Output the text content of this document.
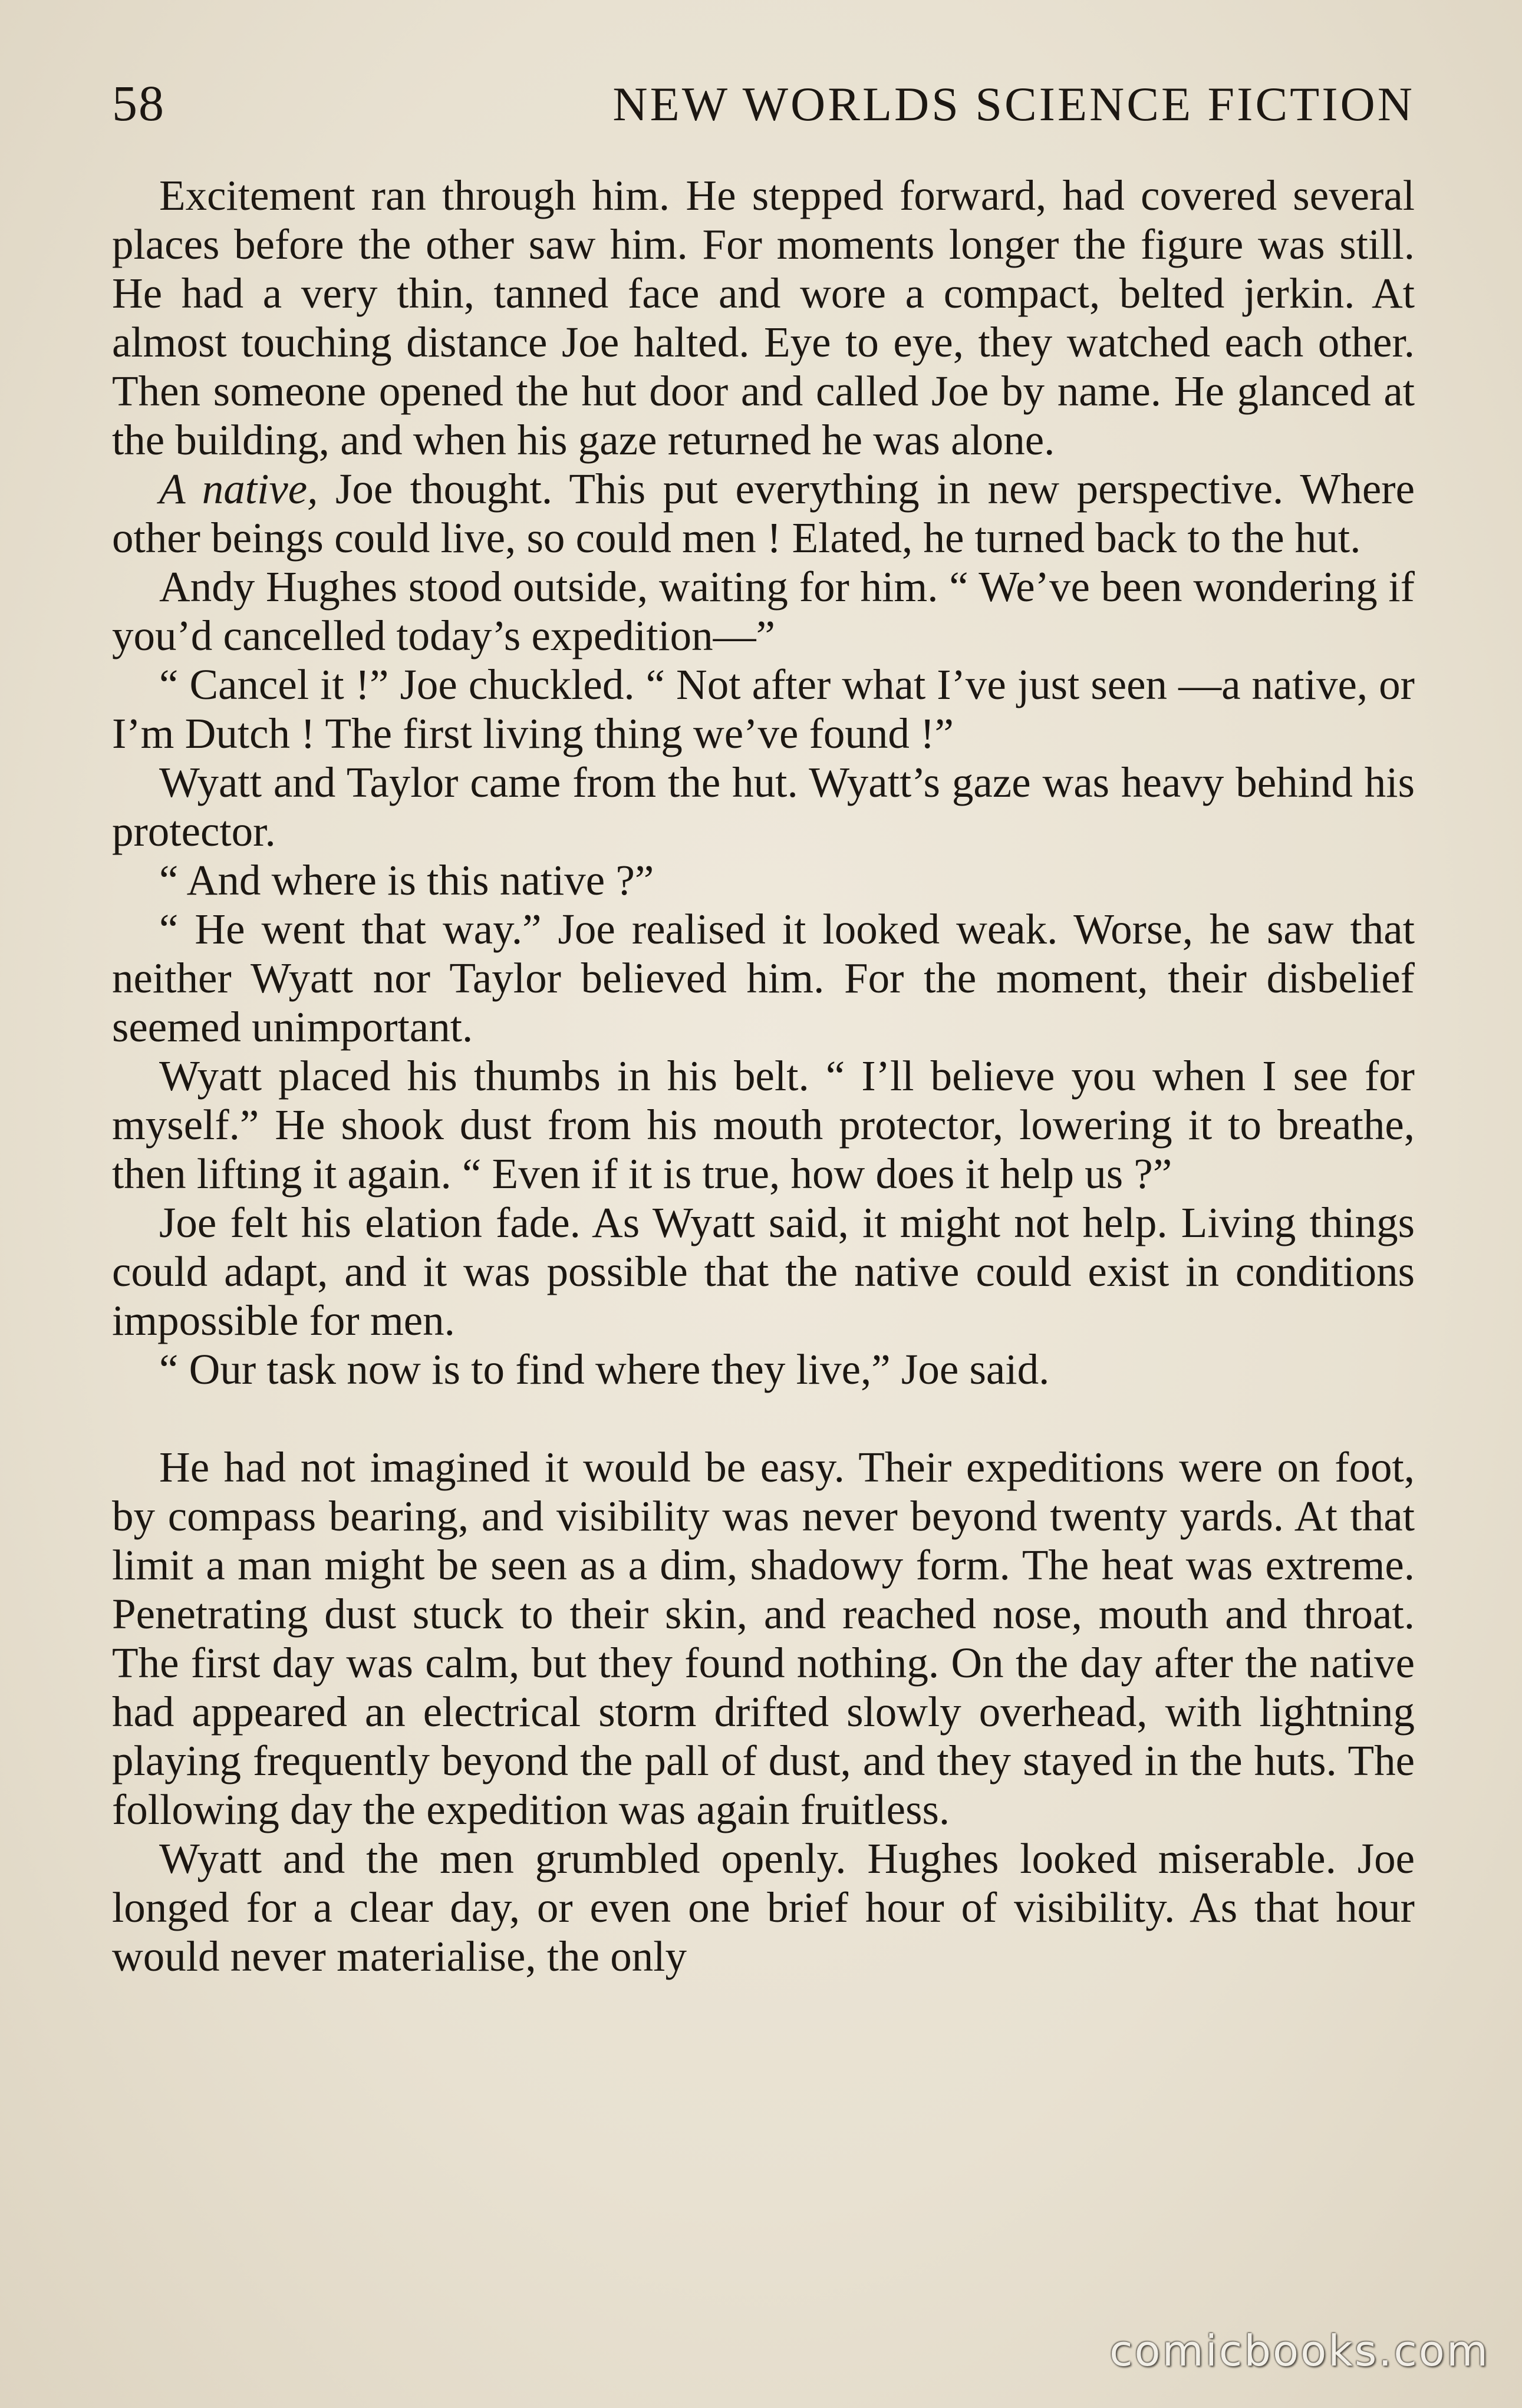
58	NEW WORLDS SCIENCE FICTION

Excitement ran through him. He stepped forward, had covered several places before the other saw him. For moments longer the figure was still. He had a very thin, tanned face and wore a compact, belted jerkin. At almost touching distance Joe halted. Eye to eye, they watched each other. Then someone opened the hut door and called Joe by name. He glanced at the building, and when his gaze returned he was alone.

A native, Joe thought. This put everything in new perspective. Where other beings could live, so could men ! Elated, he turned back to the hut.

Andy Hughes stood outside, waiting for him. “ We’ve been wondering if you’d cancelled today’s expedition—”

“ Cancel it !” Joe chuckled. “ Not after what I’ve just seen —a native, or I’m Dutch ! The first living thing we’ve found !”

Wyatt and Taylor came from the hut. Wyatt’s gaze was heavy behind his protector.

“ And where is this native ?”

“ He went that way.” Joe realised it looked weak. Worse, he saw that neither Wyatt nor Taylor believed him. For the moment, their disbelief seemed unimportant.

Wyatt placed his thumbs in his belt. “ I’ll believe you when I see for myself.” He shook dust from his mouth protector, lowering it to breathe, then lifting it again. “ Even if it is true, how does it help us ?”

Joe felt his elation fade. As Wyatt said, it might not help. Living things could adapt, and it was possible that the native could exist in conditions impossible for men.

“ Our task now is to find where they live,” Joe said.

He had not imagined it would be easy. Their expeditions were on foot, by compass bearing, and visibility was never beyond twenty yards. At that limit a man might be seen as a dim, shadowy form. The heat was extreme. Penetrating dust stuck to their skin, and reached nose, mouth and throat. The first day was calm, but they found nothing. On the day after the native had appeared an electrical storm drifted slowly overhead, with lightning playing frequently beyond the pall of dust, and they stayed in the huts. The following day the expedition was again fruitless.

Wyatt and the men grumbled openly. Hughes looked miserable. Joe longed for a clear day, or even one brief hour of visibility. As that hour would never materialise, the only

comicbooks.com
